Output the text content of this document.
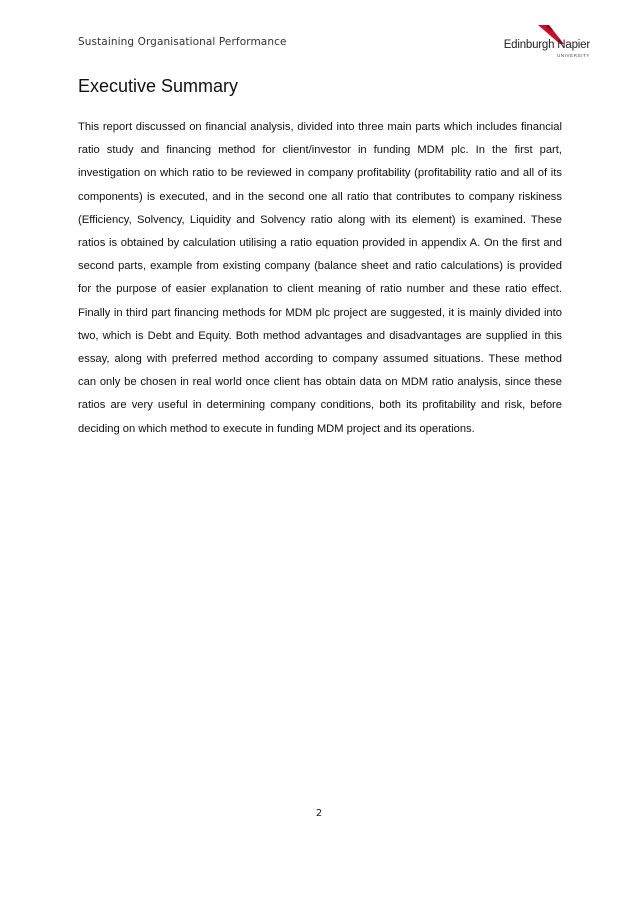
Sustaining Organisational Performance	Edinburgh Napier
UNIVERSITY
Executive Summary

This report discussed on financial analysis, divided into three main parts which includes financial ratio study and financing method for client/investor in funding MDM plc. In the first part, investigation on which ratio to be reviewed in company profitability (profitability ratio and all of its components) is executed, and in the second one all ratio that contributes to company riskiness (Efficiency, Solvency, Liquidity and Solvency ratio along with its element) is examined. These ratios is obtained by calculation utilising a ratio equation provided in appendix A. On the first and second parts, example from existing company (balance sheet and ratio calculations) is provided for the purpose of easier explanation to client meaning of ratio number and these ratio effect. Finally in third part financing methods for MDM plc project are suggested, it is mainly divided into two, which is Debt and Equity. Both method advantages and disadvantages are supplied in this essay, along with preferred method according to company assumed situations. These method can only be chosen in real world once client has obtain data on MDM ratio analysis, since these ratios are very useful in determining company conditions, both its profitability and risk, before deciding on which method to execute in funding MDM project and its operations.

2
